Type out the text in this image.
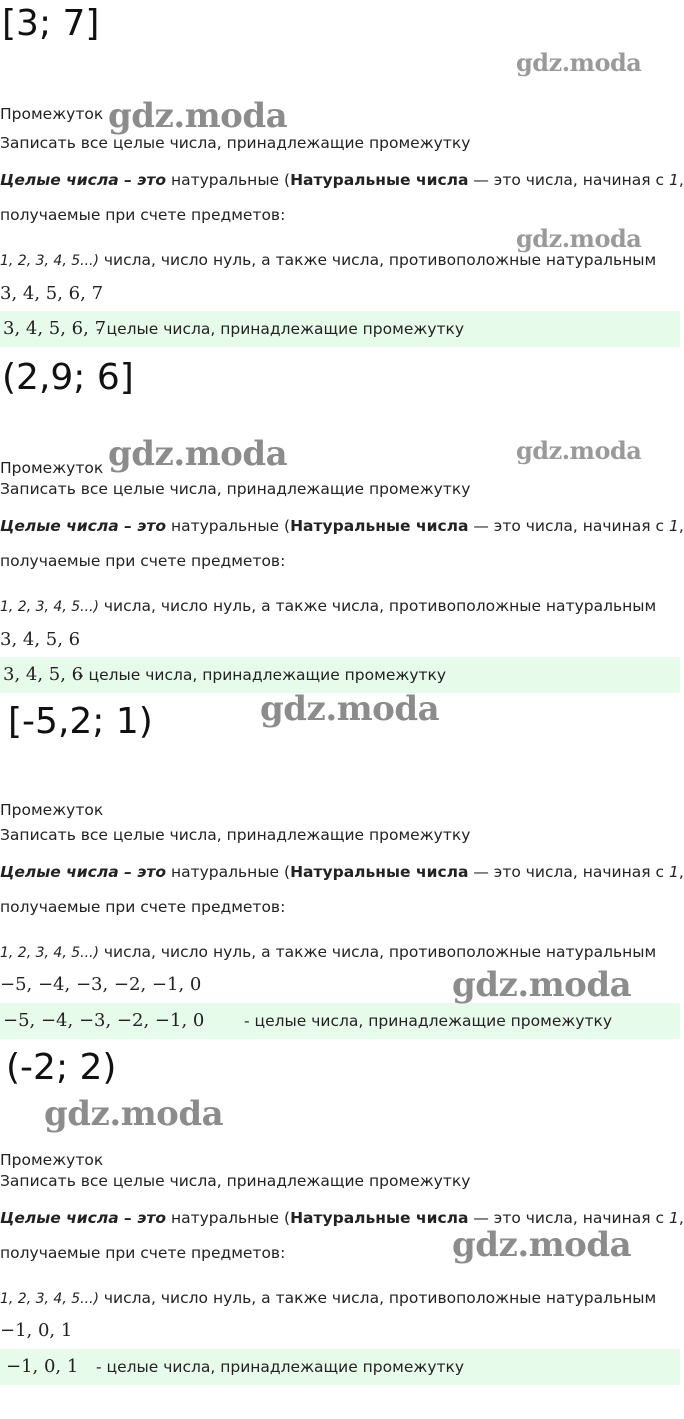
[3; 7]
Промежуток
Записать все целые числа, принадлежащие промежутку
Целые числа – это натуральные (Натуральные числа — это числа, начиная с 1,
получаемые при счете предметов:
1, 2, 3, 4, 5...) числа, число нуль, а также числа, противоположные натуральным
3, 4, 5, 6, 7
3, 4, 5, 6, 7
- целые числа, принадлежащие промежутку
(2,9; 6]
Промежуток
Записать все целые числа, принадлежащие промежутку
Целые числа – это натуральные (Натуральные числа — это числа, начиная с 1,
получаемые при счете предметов:
1, 2, 3, 4, 5...) числа, число нуль, а также числа, противоположные натуральным
3, 4, 5, 6
3, 4, 5, 6
- целые числа, принадлежащие промежутку
[-5,2; 1)
Промежуток
Записать все целые числа, принадлежащие промежутку
Целые числа – это натуральные (Натуральные числа — это числа, начиная с 1,
получаемые при счете предметов:
1, 2, 3, 4, 5...) числа, число нуль, а также числа, противоположные натуральным
−5, −4, −3, −2, −1, 0
−5, −4, −3, −2, −1, 0	- целые числа, принадлежащие промежутку
(-2; 2)
Промежуток
Записать все целые числа, принадлежащие промежутку
Целые числа – это натуральные (Натуральные числа — это числа, начиная с 1,
получаемые при счете предметов:
1, 2, 3, 4, 5...) числа, число нуль, а также числа, противоположные натуральным
−1, 0, 1
−1, 0, 1 - целые числа, принадлежащие промежутку
gdz.moda
gdz.moda
gdz.moda
gdz.moda	gdz.moda
gdz.moda
gdz.moda
gdz.moda
gdz.moda
